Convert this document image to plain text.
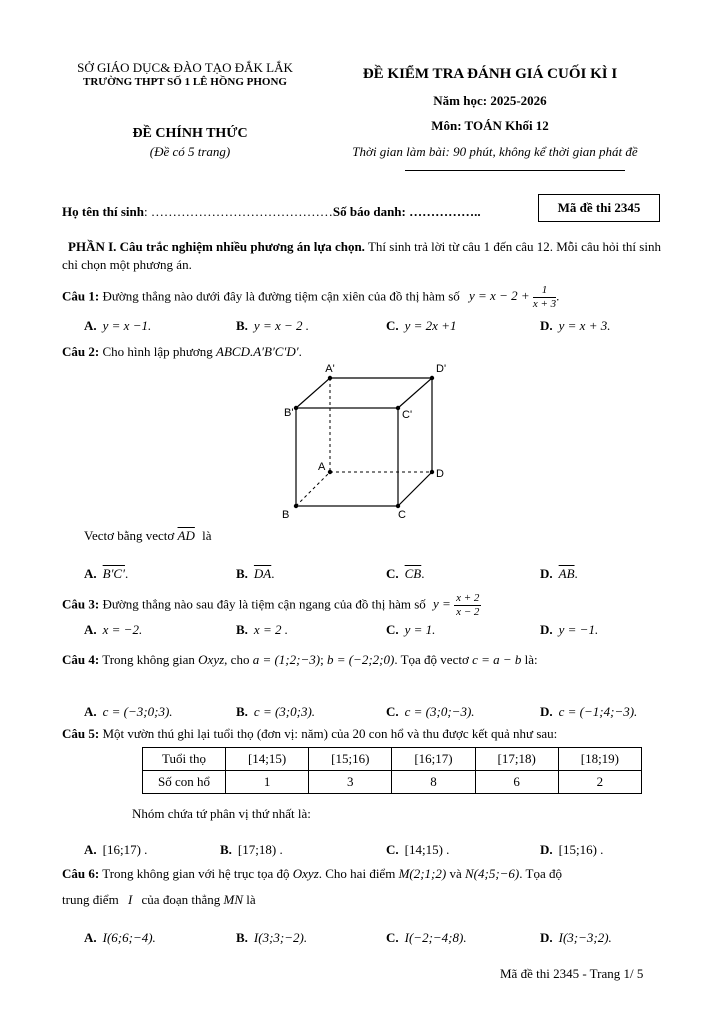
SỞ GIÁO DỤC& ĐÀO TẠO ĐẮK LẮK
TRƯỜNG THPT SỐ 1 LÊ HỒNG PHONG	ĐỀ KIỂM TRA ĐÁNH GIÁ CUỐI KÌ I
Năm học: 2025-2026
Môn: TOÁN Khối 12
ĐỀ CHÍNH THỨC
(Đề có 5 trang)	Thời gian làm bài: 90 phút, không kể thời gian phát đề
Họ tên thí sinh: ……………………………………Số báo danh: ……………..	Mã đề thi 2345
PHẦN I. Câu trắc nghiệm nhiều phương án lựa chọn. Thí sinh trả lời từ câu 1 đến câu 12. Mỗi câu hỏi thí sinh chỉ chọn một phương án.
Câu 1: Đường thẳng nào dưới đây là đường tiệm cận xiên của đồ thị hàm số $y = x - 2 + \frac{1}{x + 3}$ .
A. y = x −1.	B. y = x − 2 .	C. y = 2x +1	D. y = x + 3.
Câu 2: Cho hình lập phương ABCD.A′B′C′D′.
A'	D'
B'	C'
A
D
B	C
Vectơ bằng vectơ $\overline{AD}$ là
A. B′C′.	B. $\overline{DA}$.	C. $\overline{CB}$.	D. $\overline{AB}$.
Câu 3: Đường thẳng nào sau đây là tiệm cận ngang của đồ thị hàm số $y = \frac{x + 2}{x - 2}$
A. x = −2.	B. x = 2 .	C. y = 1.	D. y = −1.
Câu 4: Trong không gian Oxyz, cho a = (1;2;−3); b = (−2;2;0). Tọa độ vectơ c = a − b là:
A. c = (−3;0;3).	B. c = (3;0;3).	C. c = (3;0;−3).	D. c = (−1;4;−3).
Câu 5: Một vườn thú ghi lại tuổi thọ (đơn vị: năm) của 20 con hổ và thu được kết quả như sau:
Tuổi thọ	[14;15)	[15;16)	[16;17)	[17;18)	[18;19)
Số con hổ	1	3	8	6	2
Nhóm chứa tứ phân vị thứ nhất là:
A. [16;17) .	B. [17;18) .	C. [14;15) .	D. [15;16) .
Câu 6: Trong không gian với hệ trục tọa độ Oxyz. Cho hai điểm M(2;1;2) và N(4;5;−6). Tọa độ
trung điểm I của đoạn thẳng MN là
A. I(6;6;−4).	B. I(3;3;−2).	C. I(−2;−4;8).	D. I(3;−3;2).
Mã đề thi 2345 - Trang 1/ 5
